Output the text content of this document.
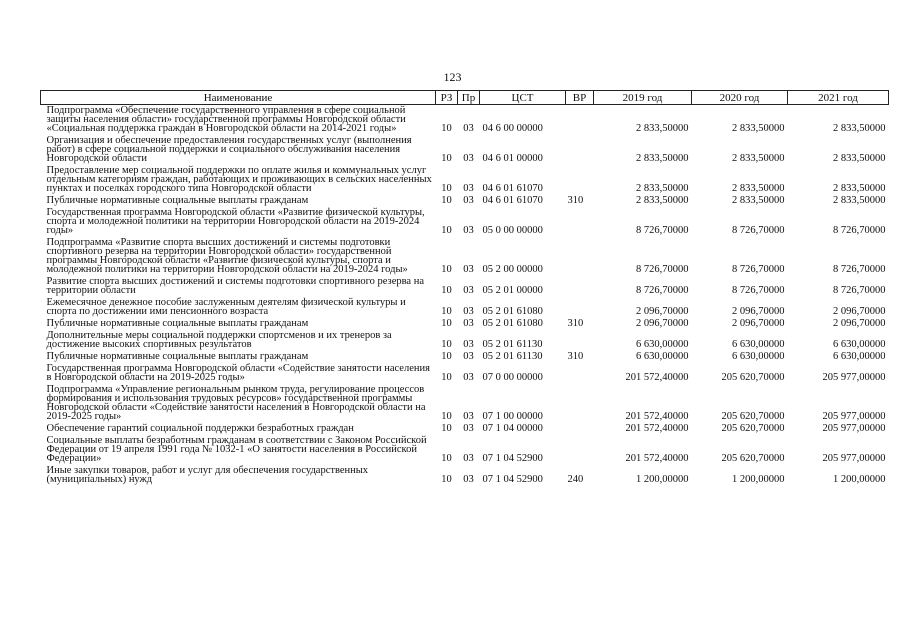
123
Наименование	РЗ	Пр	ЦСТ	ВР	2019 год	2020 год	2021 год
Подпрограмма «Обеспечение государственного управления в сфере социальной защиты населения области» государственной программы Новгородской области «Социальная поддержка граждан в Новгородской области на 2014-2021 годы»	10	03	04 6 00 00000		2 833,50000	2 833,50000	2 833,50000
Организация и обеспечение предоставления государственных услуг (выполнения работ) в сфере социальной поддержки и социального обслуживания населения Новгородской области	10	03	04 6 01 00000		2 833,50000	2 833,50000	2 833,50000
Предоставление мер социальной поддержки по оплате жилья и коммунальных услуг отдельным категориям граждан, работающих и проживающих в сельских населенных пунктах и поселках городского типа Новгородской области	10	03	04 6 01 61070		2 833,50000	2 833,50000	2 833,50000
Публичные нормативные социальные выплаты гражданам	10	03	04 6 01 61070	310	2 833,50000	2 833,50000	2 833,50000
Государственная программа Новгородской области «Развитие физической культуры, спорта и молодежной политики на территории Новгородской области на 2019-2024 годы»	10	03	05 0 00 00000		8 726,70000	8 726,70000	8 726,70000
Подпрограмма «Развитие спорта высших достижений и системы подготовки спортивного резерва на территории Новгородской области» государственной программы Новгородской области «Развитие физической культуры, спорта и молодежной политики на территории Новгородской области на 2019-2024 годы»	10	03	05 2 00 00000		8 726,70000	8 726,70000	8 726,70000
Развитие спорта высших достижений и системы подготовки спортивного резерва на территории области	10	03	05 2 01 00000		8 726,70000	8 726,70000	8 726,70000
Ежемесячное денежное пособие заслуженным деятелям физической культуры и спорта по достижении ими пенсионного возраста	10	03	05 2 01 61080		2 096,70000	2 096,70000	2 096,70000
Публичные нормативные социальные выплаты гражданам	10	03	05 2 01 61080	310	2 096,70000	2 096,70000	2 096,70000
Дополнительные меры социальной поддержки спортсменов и их тренеров за достижение высоких спортивных результатов	10	03	05 2 01 61130		6 630,00000	6 630,00000	6 630,00000
Публичные нормативные социальные выплаты гражданам	10	03	05 2 01 61130	310	6 630,00000	6 630,00000	6 630,00000
Государственная программа Новгородской области «Содействие занятости населения в Новгородской области на 2019-2025 годы»	10	03	07 0 00 00000		201 572,40000	205 620,70000	205 977,00000
Подпрограмма «Управление региональным рынком труда, регулирование процессов формирования и использования трудовых ресурсов» государственной программы Новгородской области «Содействие занятости населения в Новгородской области на 2019-2025 годы»	10	03	07 1 00 00000		201 572,40000	205 620,70000	205 977,00000
Обеспечение гарантий социальной поддержки безработных граждан	10	03	07 1 04 00000		201 572,40000	205 620,70000	205 977,00000
Социальные выплаты безработным гражданам в соответствии с Законом Российской Федерации от 19 апреля 1991 года № 1032-1 «О занятости населения в Российской Федерации»	10	03	07 1 04 52900		201 572,40000	205 620,70000	205 977,00000
Иные закупки товаров, работ и услуг для обеспечения государственных (муниципальных) нужд	10	03	07 1 04 52900	240	1 200,00000	1 200,00000	1 200,00000
